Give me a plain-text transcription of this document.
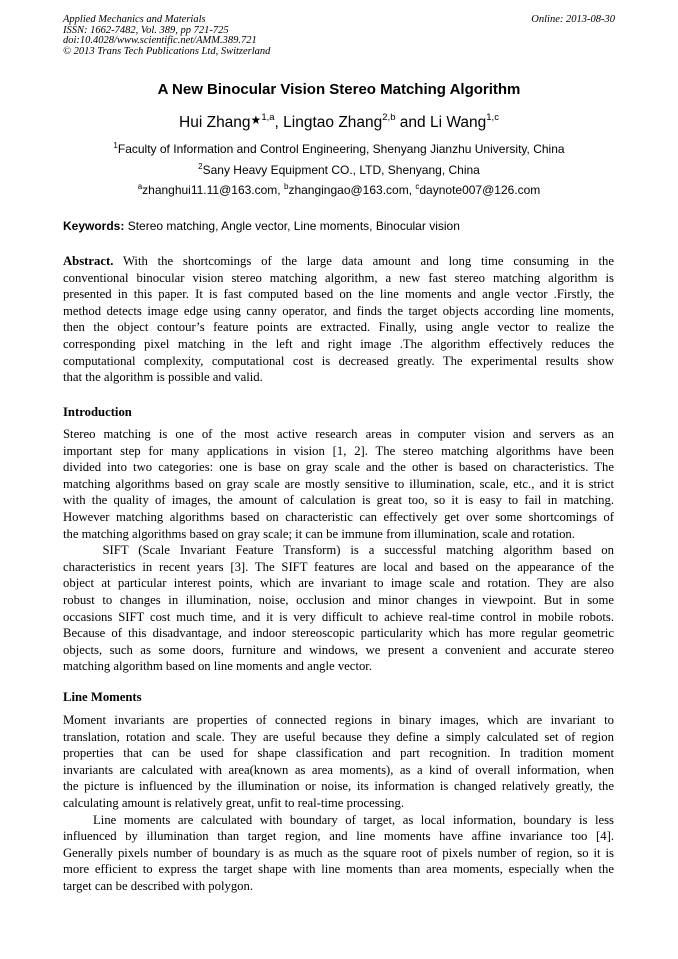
Applied Mechanics and Materials
ISSN: 1662-7482, Vol. 389, pp 721-725
doi:10.4028/www.scientific.net/AMM.389.721
© 2013 Trans Tech Publications Ltd, Switzerland
Online: 2013-08-30
A New Binocular Vision Stereo Matching Algorithm
Hui Zhang$^{★1,a}$, Lingtao Zhang$^{2,b}$ and Li Wang$^{1,c}$
$^1$Faculty of Information and Control Engineering, Shenyang Jianzhu University, China
$^2$Sany Heavy Equipment CO., LTD, Shenyang, China
$^a$zhanghui11.11@163.com, $^b$zhangingao@163.com, $^c$daynote007@126.com
Keywords: Stereo matching, Angle vector, Line moments, Binocular vision
Abstract. With the shortcomings of the large data amount and long time consuming in the
conventional binocular vision stereo matching algorithm, a new fast stereo matching algorithm is
presented in this paper. It is fast computed based on the line moments and angle vector .Firstly, the
method detects image edge using canny operator, and finds the target objects according line moments,
then the object contour’s feature points are extracted. Finally, using angle vector to realize the
corresponding pixel matching in the left and right image .The algorithm effectively reduces the
computational complexity, computational cost is decreased greatly. The experimental results show
that the algorithm is possible and valid.
Introduction
Stereo matching is one of the most active research areas in computer vision and servers as an
important step for many applications in vision [1, 2]. The stereo matching algorithms have been
divided into two categories: one is base on gray scale and the other is based on characteristics. The
matching algorithms based on gray scale are mostly sensitive to illumination, scale, etc., and it is strict
with the quality of images, the amount of calculation is great too, so it is easy to fail in matching.
However matching algorithms based on characteristic can effectively get over some shortcomings of
the matching algorithms based on gray scale; it can be immune from illumination, scale and rotation.
SIFT (Scale Invariant Feature Transform) is a successful matching algorithm based on
characteristics in recent years [3]. The SIFT features are local and based on the appearance of the
object at particular interest points, which are invariant to image scale and rotation. They are also
robust to changes in illumination, noise, occlusion and minor changes in viewpoint. But in some
occasions SIFT cost much time, and it is very difficult to achieve real-time control in mobile robots.
Because of this disadvantage, and indoor stereoscopic particularity which has more regular geometric
objects, such as some doors, furniture and windows, we present a convenient and accurate stereo
matching algorithm based on line moments and angle vector.
Line Moments
Moment invariants are properties of connected regions in binary images, which are invariant to
translation, rotation and scale. They are useful because they define a simply calculated set of region
properties that can be used for shape classification and part recognition. In tradition moment
invariants are calculated with area(known as area moments), as a kind of overall information, when
the picture is influenced by the illumination or noise, its information is changed relatively greatly, the
calculating amount is relatively great, unfit to real-time processing.
Line moments are calculated with boundary of target, as local information, boundary is less
influenced by illumination than target region, and line moments have affine invariance too [4].
Generally pixels number of boundary is as much as the square root of pixels number of region, so it is
more efficient to express the target shape with line moments than area moments, especially when the
target can be described with polygon.
